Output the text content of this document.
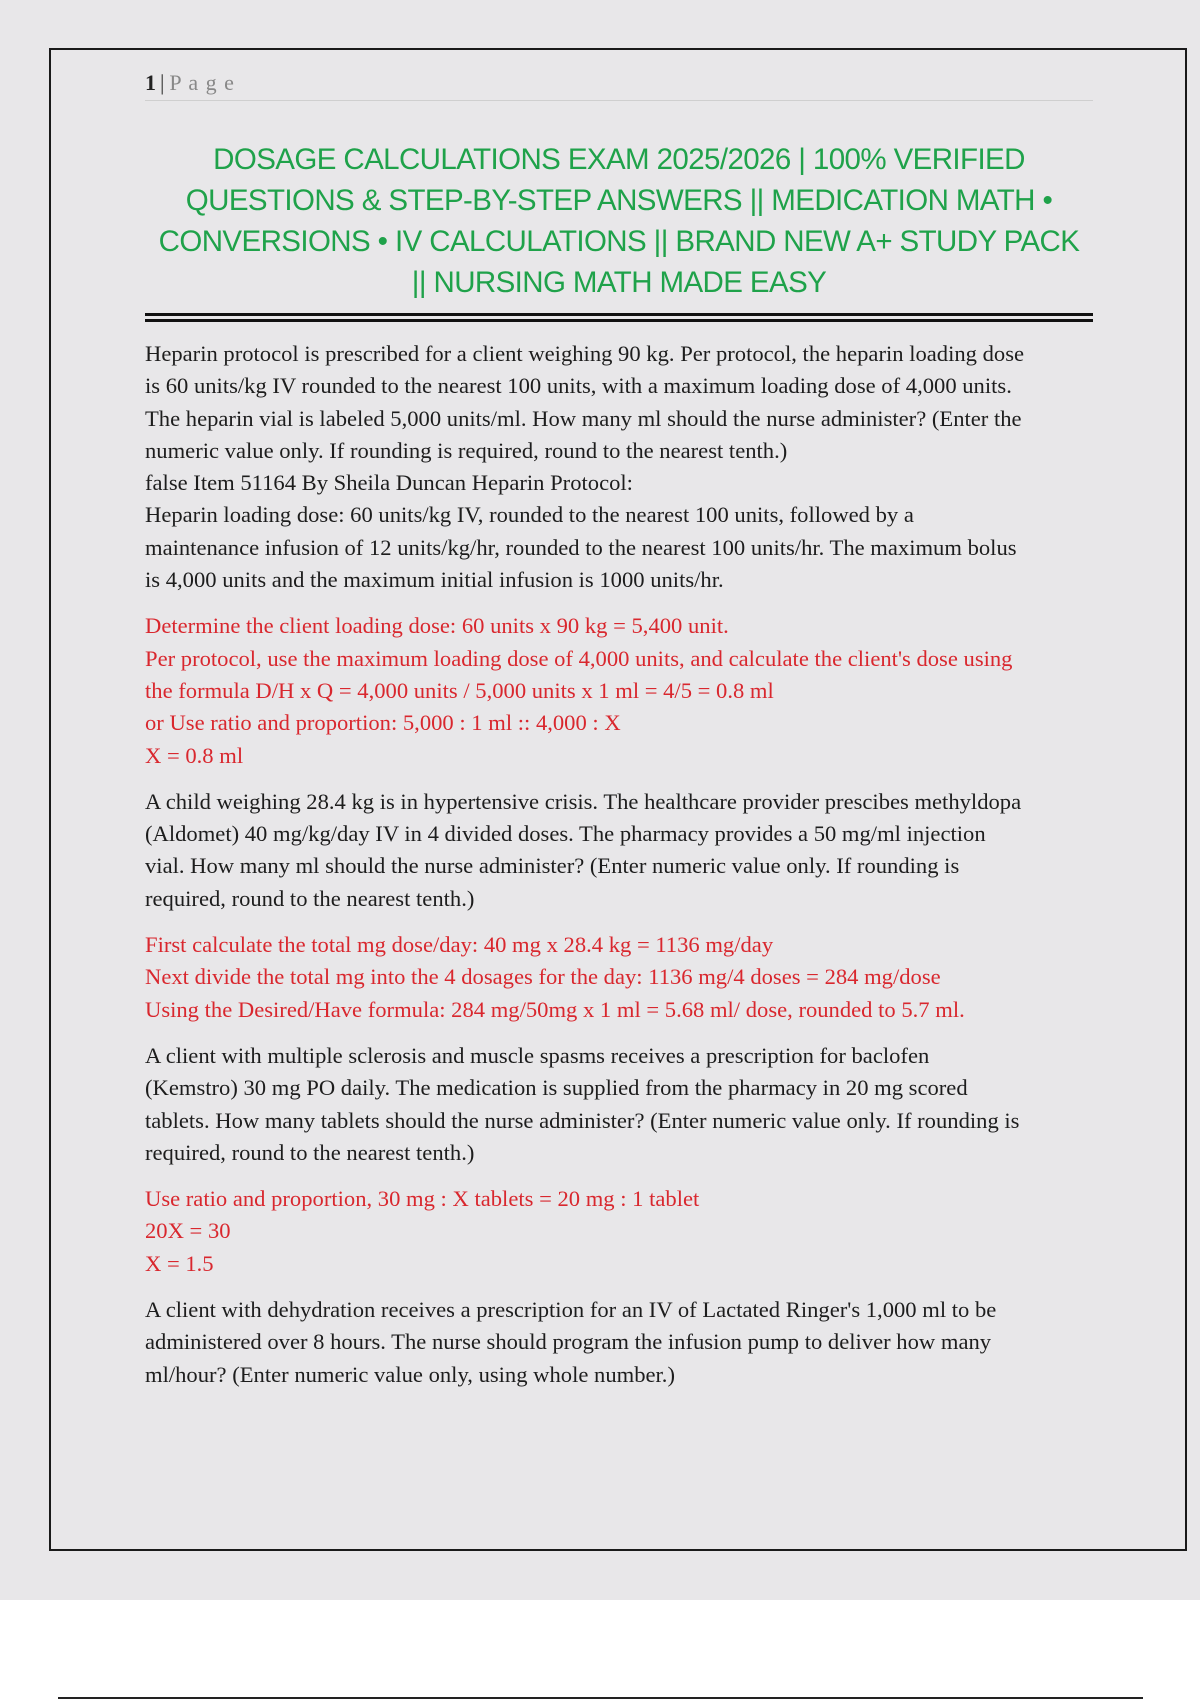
1 | P a g e
DOSAGE CALCULATIONS EXAM 2025/2026 | 100% VERIFIED
QUESTIONS & STEP-BY-STEP ANSWERS || MEDICATION MATH •
CONVERSIONS • IV CALCULATIONS || BRAND NEW A+ STUDY PACK
|| NURSING MATH MADE EASY
Heparin protocol is prescribed for a client weighing 90 kg. Per protocol, the heparin loading dose
is 60 units/kg IV rounded to the nearest 100 units, with a maximum loading dose of 4,000 units.
The heparin vial is labeled 5,000 units/ml. How many ml should the nurse administer? (Enter the
numeric value only. If rounding is required, round to the nearest tenth.)
false Item 51164 By Sheila Duncan Heparin Protocol:
Heparin loading dose: 60 units/kg IV, rounded to the nearest 100 units, followed by a
maintenance infusion of 12 units/kg/hr, rounded to the nearest 100 units/hr. The maximum bolus
is 4,000 units and the maximum initial infusion is 1000 units/hr.
Determine the client loading dose: 60 units x 90 kg = 5,400 unit.
Per protocol, use the maximum loading dose of 4,000 units, and calculate the client's dose using
the formula D/H x Q = 4,000 units / 5,000 units x 1 ml = 4/5 = 0.8 ml
or Use ratio and proportion: 5,000 : 1 ml :: 4,000 : X
X = 0.8 ml
A child weighing 28.4 kg is in hypertensive crisis. The healthcare provider prescibes methyldopa
(Aldomet) 40 mg/kg/day IV in 4 divided doses. The pharmacy provides a 50 mg/ml injection
vial. How many ml should the nurse administer? (Enter numeric value only. If rounding is
required, round to the nearest tenth.)
First calculate the total mg dose/day: 40 mg x 28.4 kg = 1136 mg/day
Next divide the total mg into the 4 dosages for the day: 1136 mg/4 doses = 284 mg/dose
Using the Desired/Have formula: 284 mg/50mg x 1 ml = 5.68 ml/ dose, rounded to 5.7 ml.
A client with multiple sclerosis and muscle spasms receives a prescription for baclofen
(Kemstro) 30 mg PO daily. The medication is supplied from the pharmacy in 20 mg scored
tablets. How many tablets should the nurse administer? (Enter numeric value only. If rounding is
required, round to the nearest tenth.)
Use ratio and proportion, 30 mg : X tablets = 20 mg : 1 tablet
20X = 30
X = 1.5
A client with dehydration receives a prescription for an IV of Lactated Ringer's 1,000 ml to be
administered over 8 hours. The nurse should program the infusion pump to deliver how many
ml/hour? (Enter numeric value only, using whole number.)
